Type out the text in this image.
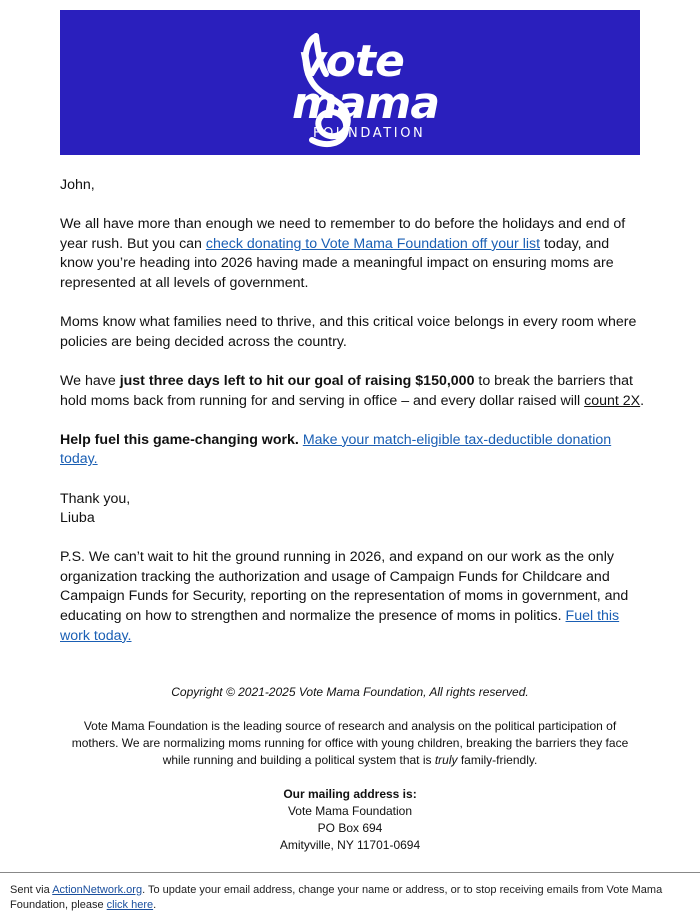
vote
mama
FOUNDATION

John,

We all have more than enough we need to remember to do before the holidays and end of year rush. But you can check donating to Vote Mama Foundation off your list today, and know you’re heading into 2026 having made a meaningful impact on ensuring moms are represented at all levels of government.

Moms know what families need to thrive, and this critical voice belongs in every room where policies are being decided across the country.

We have just three days left to hit our goal of raising $150,000 to break the barriers that hold moms back from running for and serving in office – and every dollar raised will count 2X.

Help fuel this game-changing work. Make your match-eligible tax-deductible donation today.

Thank you,
Liuba

P.S. We can’t wait to hit the ground running in 2026, and expand on our work as the only organization tracking the authorization and usage of Campaign Funds for Childcare and Campaign Funds for Security, reporting on the representation of moms in government, and educating on how to strengthen and normalize the presence of moms in politics. Fuel this work today.

Copyright © 2021-2025 Vote Mama Foundation, All rights reserved.

Vote Mama Foundation is the leading source of research and analysis on the political participation of mothers. We are normalizing moms running for office with young children, breaking the barriers they face while running and building a political system that is truly family-friendly.

Our mailing address is:
Vote Mama Foundation
PO Box 694
Amityville, NY 11701-0694

Sent via ActionNetwork.org. To update your email address, change your name or address, or to stop receiving emails from Vote Mama Foundation, please click here.
